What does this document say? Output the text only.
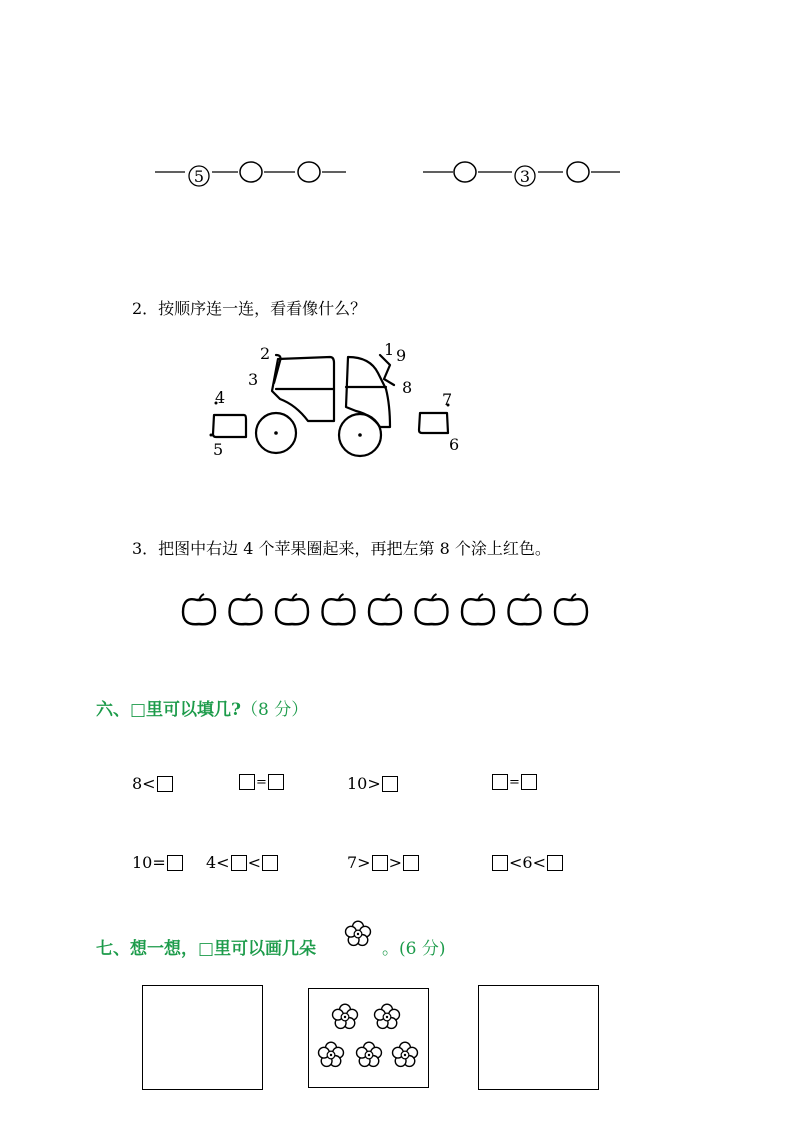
5	3
2．按顺序连一连，看看像什么？
1
2
3
4
5	6
7
8
9
3．把图中右边 4 个苹果圈起来，再把左第 8 个涂上红色。
六、□里可以填几?（8 分）
8<	=	10>	=
10=	4< <	7> >	<6<
七、想一想，□里可以画几朵	。(6 分)
